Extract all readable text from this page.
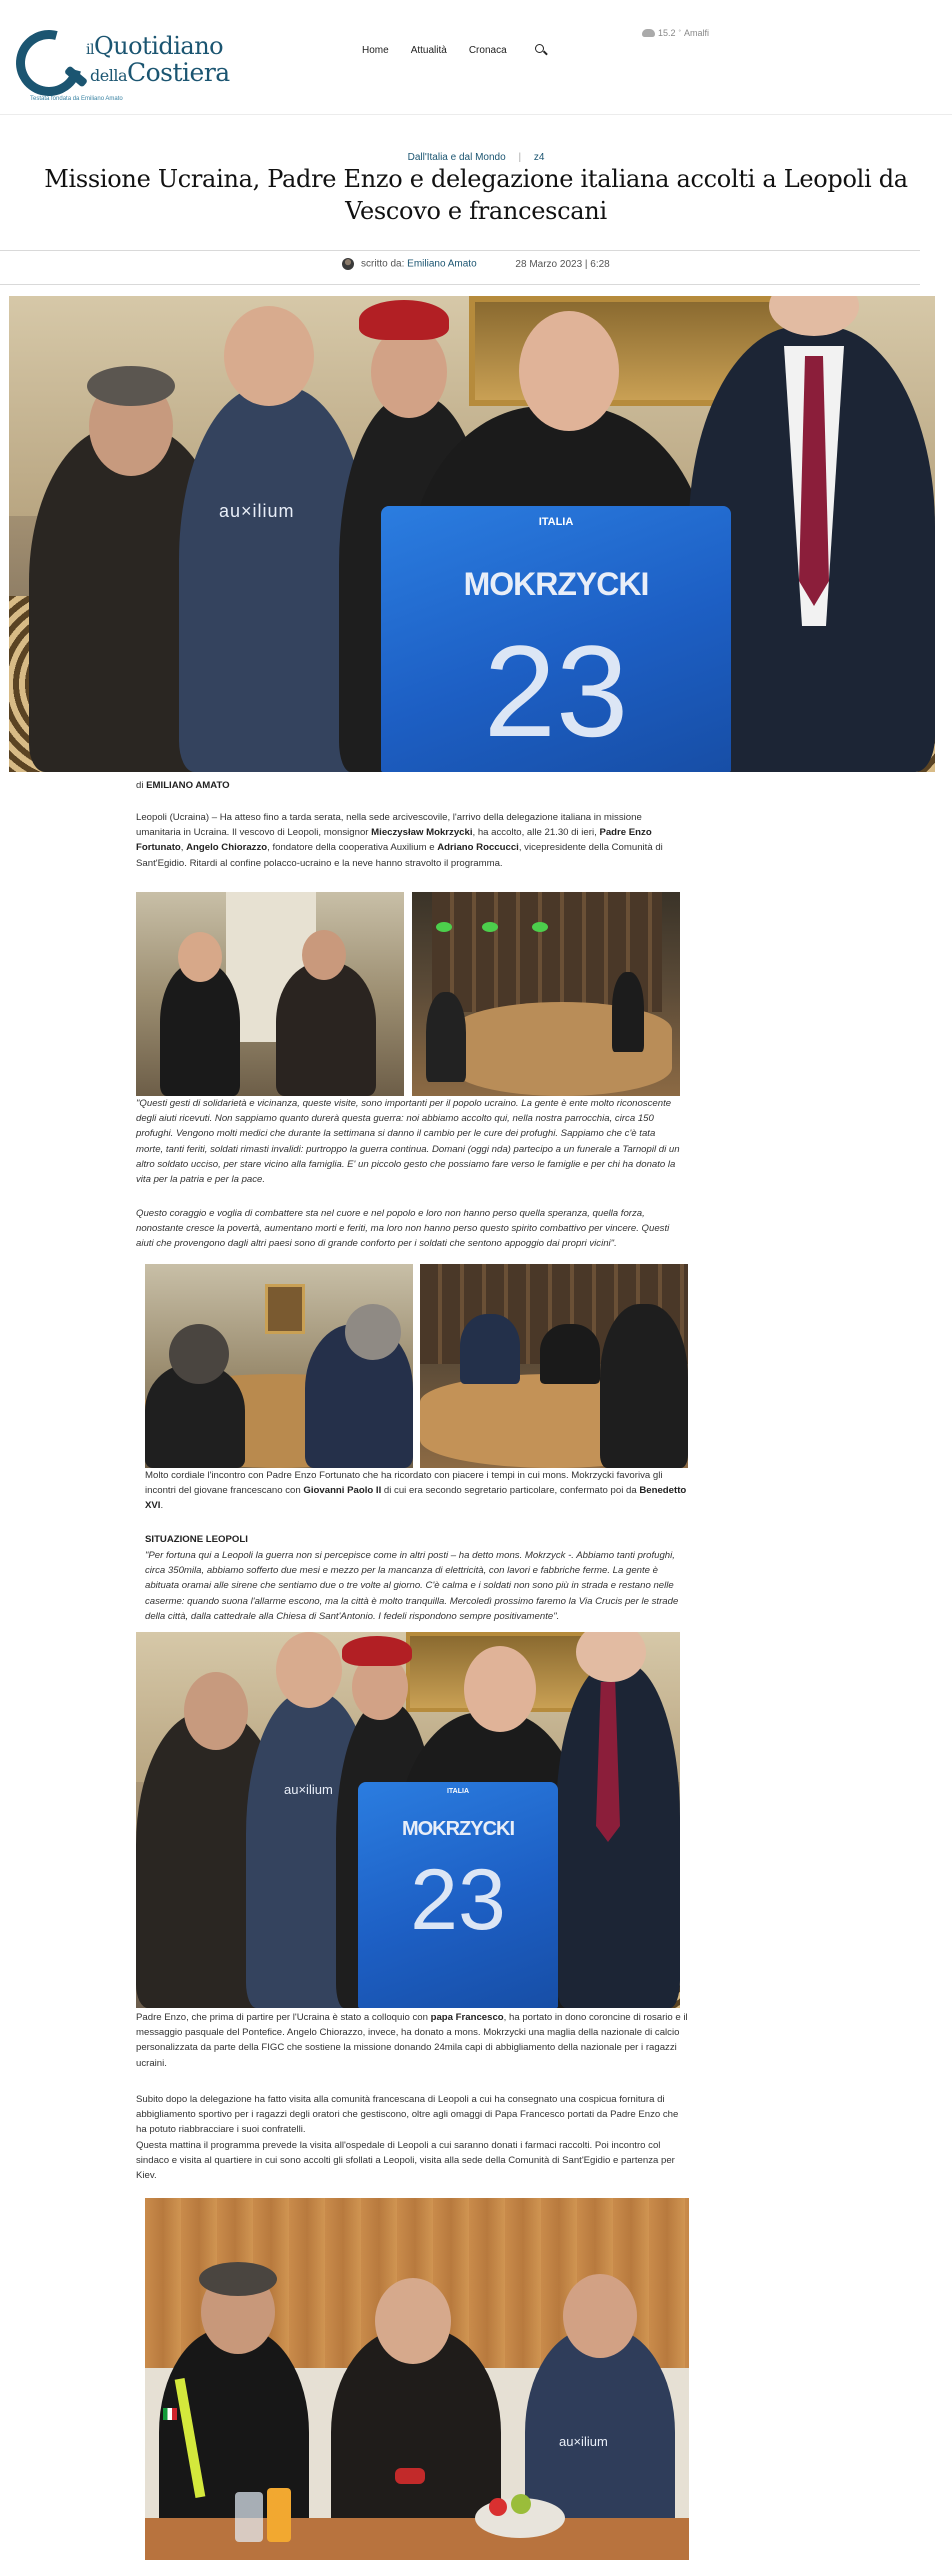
ilQuotidiano
dellaCostiera
Testata fondata da Emiliano Amato
Home Attualità Cronaca
15.2 ° Amalfi
Dall'Italia e dal Mondo | z4
Missione Ucraina, Padre Enzo e delegazione italiana accolti a Leopoli da Vescovo e francescani
scritto da: Emiliano Amato	28 Marzo 2023 | 6:28
au×ilium
ITALIA
MOKRZYCKI
23
di EMILIANO AMATO
Leopoli (Ucraina) – Ha atteso fino a tarda serata, nella sede arcivescovile, l'arrivo della delegazione italiana in missione umanitaria in Ucraina. Il vescovo di Leopoli, monsignor Mieczysław Mokrzycki, ha accolto, alle 21.30 di ieri, Padre Enzo Fortunato, Angelo Chiorazzo, fondatore della cooperativa Auxilium e Adriano Roccucci, vicepresidente della Comunità di Sant'Egidio. Ritardi al confine polacco-ucraino e la neve hanno stravolto il programma.
"Questi gesti di solidarietà e vicinanza, queste visite, sono importanti per il popolo ucraino. La gente è ente molto riconoscente degli aiuti ricevuti. Non sappiamo quanto durerà questa guerra: noi abbiamo accolto qui, nella nostra parrocchia, circa 150 profughi. Vengono molti medici che durante la settimana si danno il cambio per le cure dei profughi. Sappiamo che c'è tata morte, tanti feriti, soldati rimasti invalidi: purtroppo la guerra continua. Domani (oggi nda) partecipo a un funerale a Tarnopil di un altro soldato ucciso, per stare vicino alla famiglia. E' un piccolo gesto che possiamo fare verso le famiglie e per chi ha donato la vita per la patria e per la pace.
Questo coraggio e voglia di combattere sta nel cuore e nel popolo e loro non hanno perso quella speranza, quella forza, nonostante cresce la povertà, aumentano morti e feriti, ma loro non hanno perso questo spirito combattivo per vincere. Questi aiuti che provengono dagli altri paesi sono di grande conforto per i soldati che sentono appoggio dai propri vicini".
Molto cordiale l'incontro con Padre Enzo Fortunato che ha ricordato con piacere i tempi in cui mons. Mokrzycki favoriva gli incontri del giovane francescano con Giovanni Paolo II di cui era secondo segretario particolare, confermato poi da Benedetto XVI.
SITUAZIONE LEOPOLI
"Per fortuna qui a Leopoli la guerra non si percepisce come in altri posti – ha detto mons. Mokrzyck -. Abbiamo tanti profughi, circa 350mila, abbiamo sofferto due mesi e mezzo per la mancanza di elettricità, con lavori e fabbriche ferme. La gente è abituata oramai alle sirene che sentiamo due o tre volte al giorno. C'è calma e i soldati non sono più in strada e restano nelle caserme: quando suona l'allarme escono, ma la città è molto tranquilla. Mercoledì prossimo faremo la Via Crucis per le strade della città, dalla cattedrale alla Chiesa di Sant'Antonio. I fedeli rispondono sempre positivamente".
au×ilium	ITALIA
MOKRZYCKI
23
Padre Enzo, che prima di partire per l'Ucraina è stato a colloquio con papa Francesco, ha portato in dono coroncine di rosario e il messaggio pasquale del Pontefice. Angelo Chiorazzo, invece, ha donato a mons. Mokrzycki una maglia della nazionale di calcio personalizzata da parte della FIGC che sostiene la missione donando 24mila capi di abbigliamento della nazionale per i ragazzi ucraini.
Subito dopo la delegazione ha fatto visita alla comunità francescana di Leopoli a cui ha consegnato una cospicua fornitura di abbigliamento sportivo per i ragazzi degli oratori che gestiscono, oltre agli omaggi di Papa Francesco portati da Padre Enzo che ha potuto riabbracciare i suoi confratelli.
Questa mattina il programma prevede la visita all'ospedale di Leopoli a cui saranno donati i farmaci raccolti. Poi incontro col sindaco e visita al quartiere in cui sono accolti gli sfollati a Leopoli, visita alla sede della Comunità di Sant'Egidio e partenza per Kiev.
au×ilium
